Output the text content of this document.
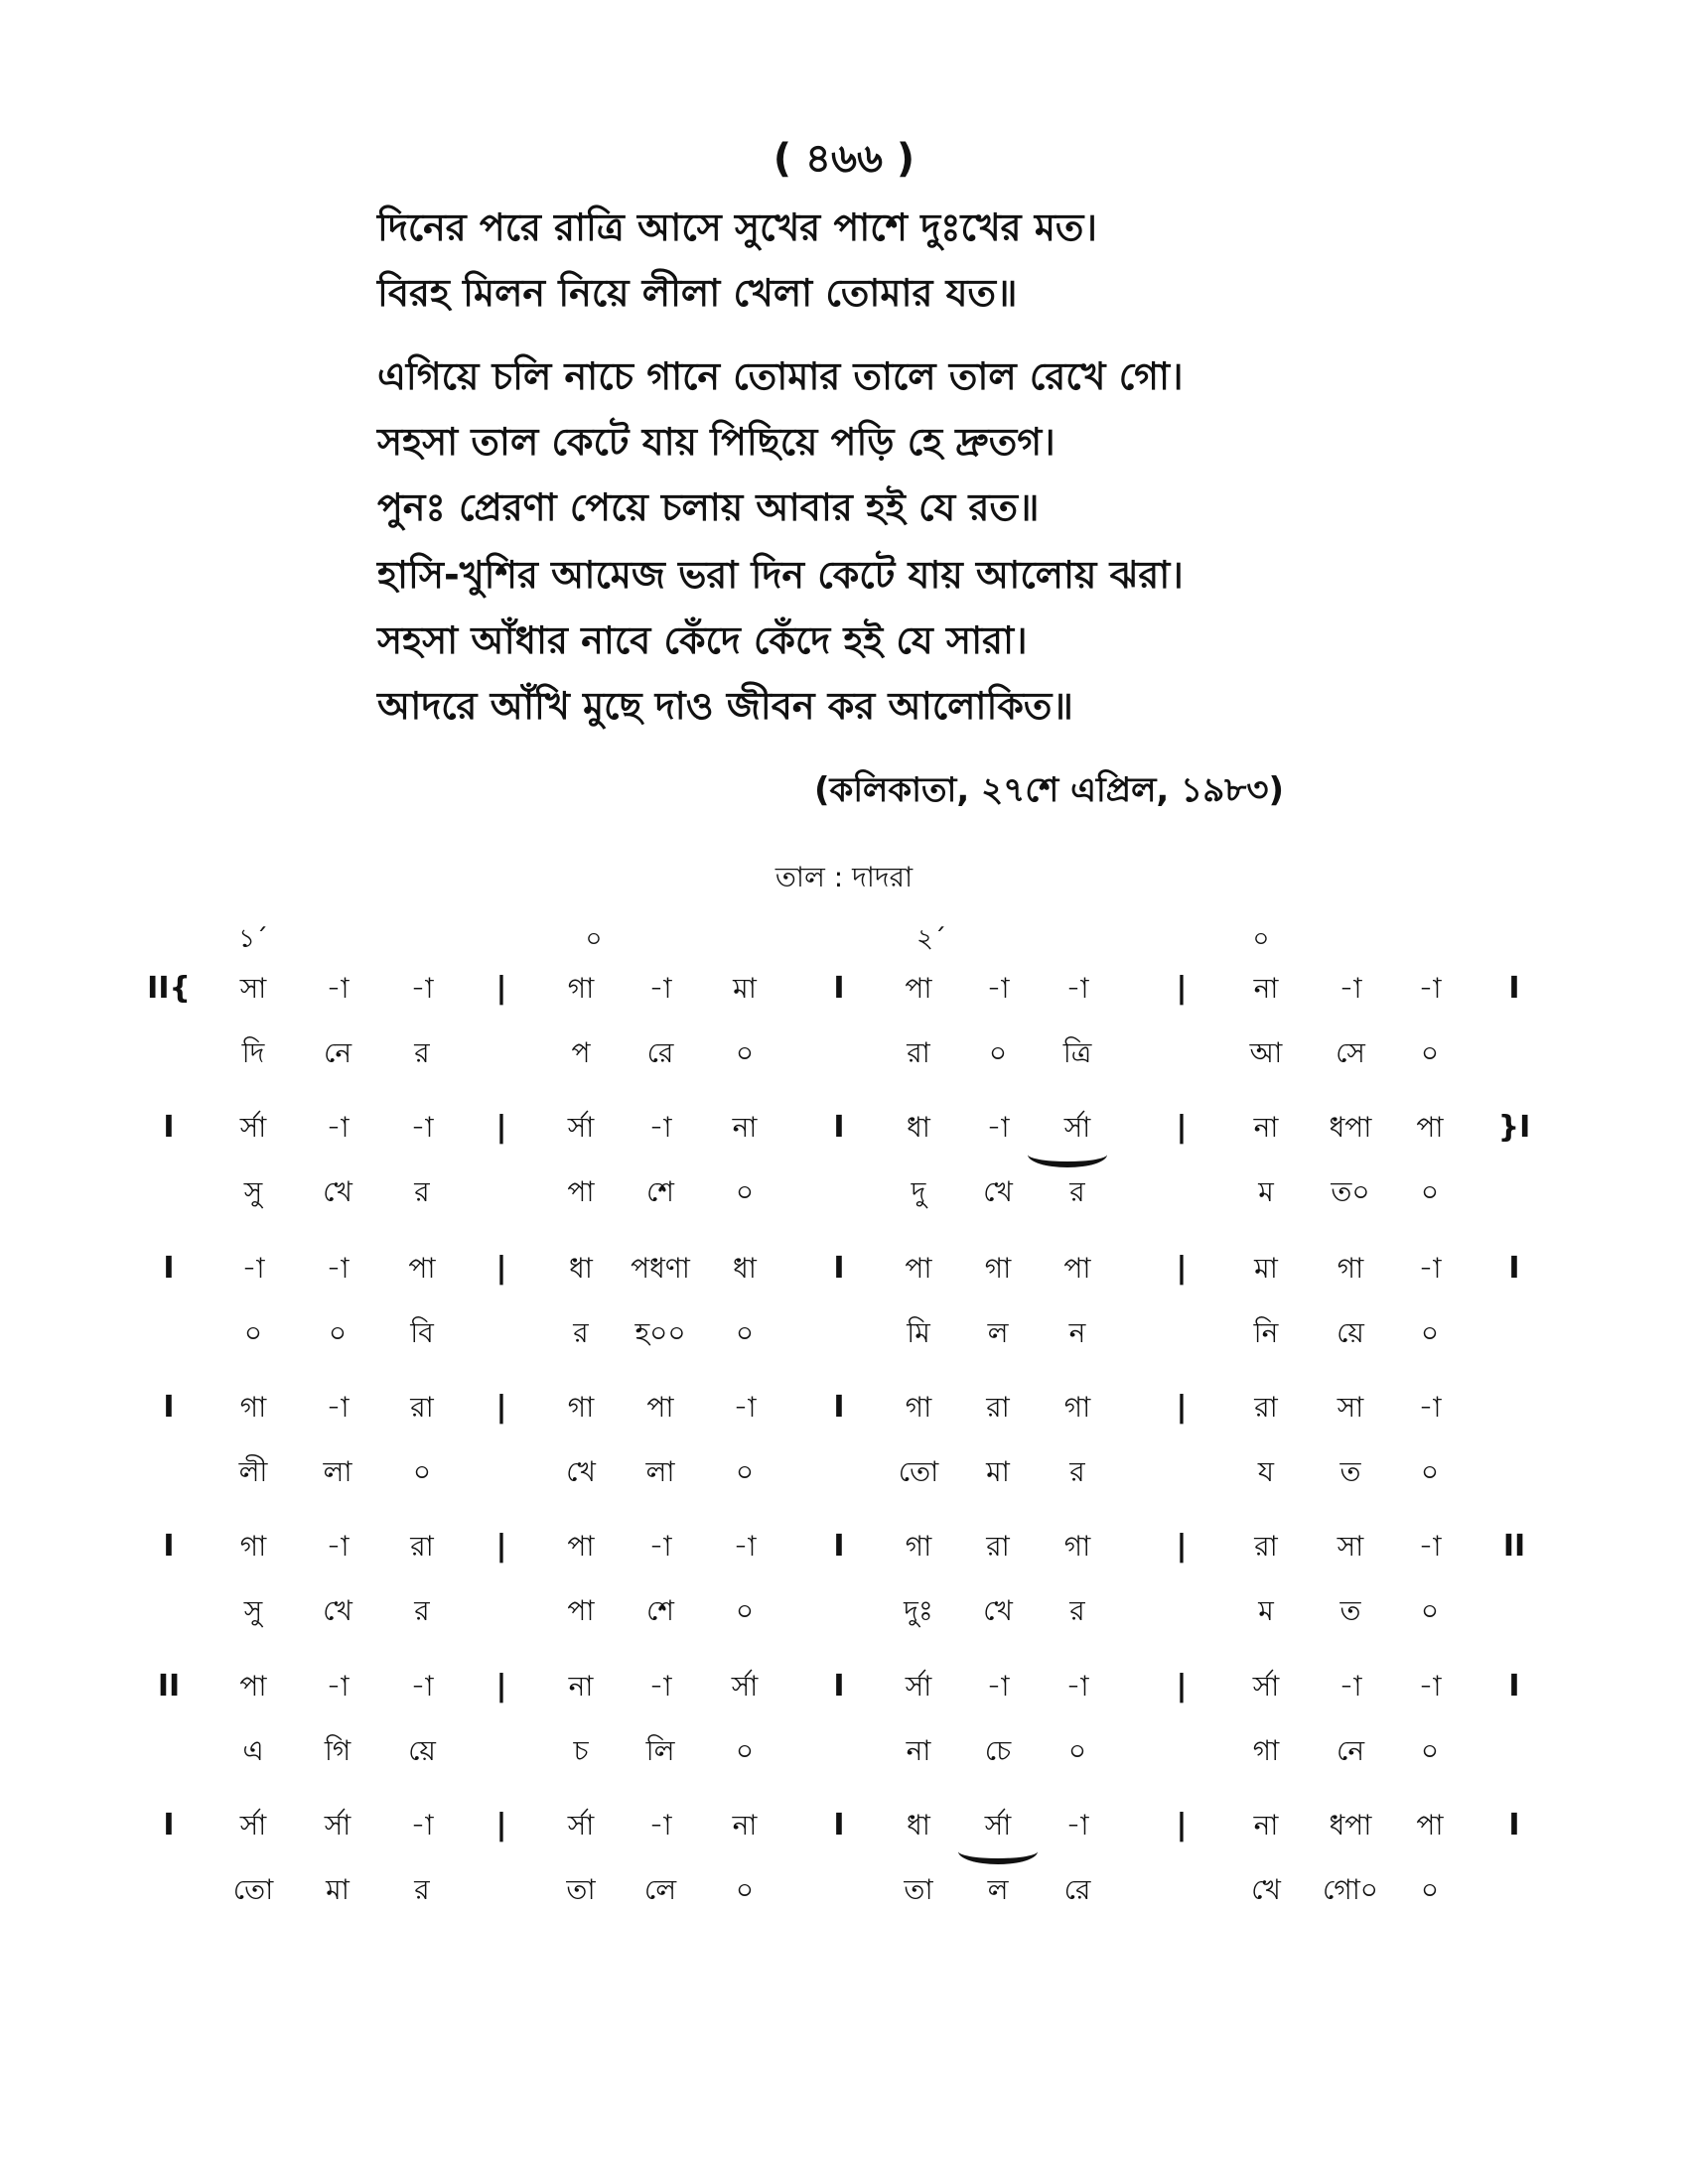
( ৪৬৬ )
দিনের পরে রাত্রি আসে সুখের পাশে দুঃখের মত।
বিরহ মিলন নিয়ে লীলা খেলা তোমার যত॥
এগিয়ে চলি নাচে গানে তোমার তালে তাল রেখে গো।
সহসা তাল কেটে যায় পিছিয়ে পড়ি হে দ্রুতগ।
পুনঃ প্রেরণা পেয়ে চলায় আবার হই যে রত॥
হাসি-খুশির আমেজ ভরা দিন কেটে যায় আলোয় ঝরা।
সহসা আঁধার নাবে কেঁদে কেঁদে হই যে সারা।
আদরে আঁখি মুছে দাও জীবন কর আলোকিত॥
(কলিকাতা, ২৭শে এপ্রিল, ১৯৮৩)
তাল : দাদরা
১´	০	২´	০
II{ সা -া -া | গা -া মা	I পা -া -া	| না -া -া I
দি নে র	প রে ০	রা ০ ত্রি	আ সে ০
I র্সা -া -া | র্সা -া না	I ধা -া র্সা	| না ধপা পা }I
সু খে র	পা শে ০	দু খে র	ম ত০ ০
I -া -া পা | ধা পধণা ধা	I পা গা পা	| মা গা -া I
০ ০ বি	র হ০০ ০	মি ল ন	নি য়ে ০
I গা -া রা | গা পা -া	I গা রা গা	| রা সা -া
লী লা ০	খে লা ০	তো মা র	য ত ০
I গা -া রা | পা -া -া	I গা রা গা	| রা সা -া II
সু খে র	পা শে ০	দুঃ খে র	ম ত ০
II পা -া -া | না -া র্সা	I র্সা -া -া	| র্সা -া -া I
এ গি য়ে	চ লি ০	না চে ০	গা নে ০
I র্সা র্সা -া | র্সা -া না	I ধা র্সা -া	| না ধপা পা I
তো মা র	তা লে ০	তা ল রে	খে গো০ ০
